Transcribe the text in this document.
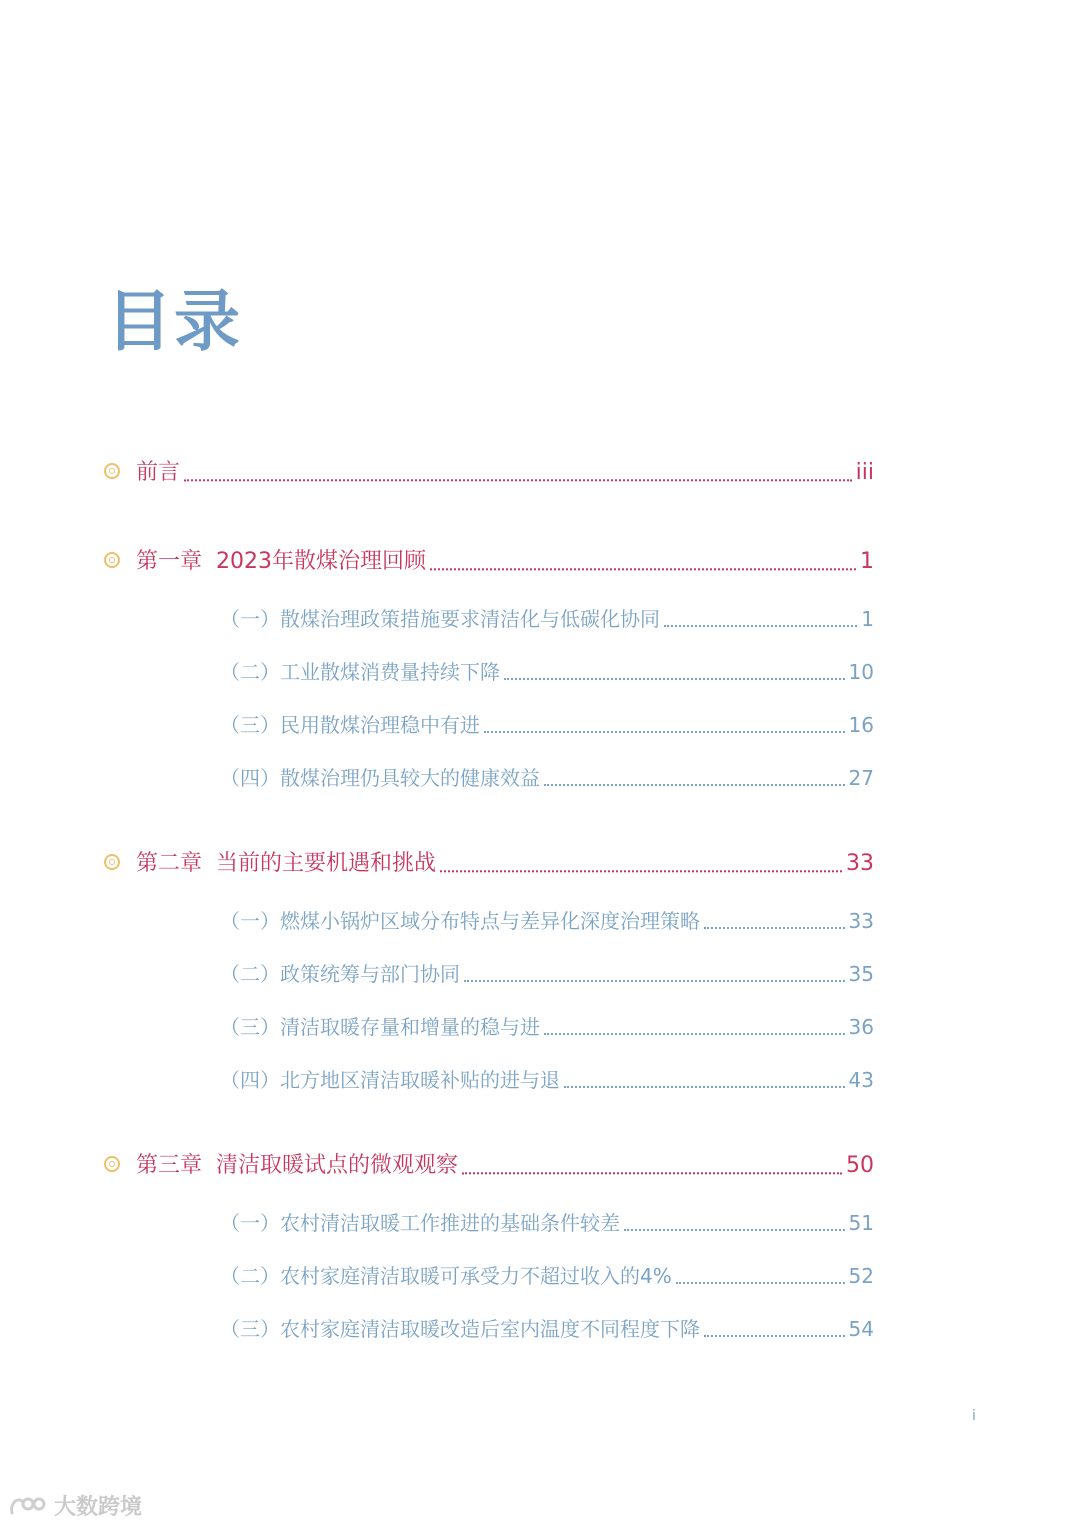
目录
前言	iii
第一章 2023年散煤治理回顾	1
（一）散煤治理政策措施要求清洁化与低碳化协同	1
（二）工业散煤消费量持续下降	10
（三）民用散煤治理稳中有进	16
（四）散煤治理仍具较大的健康效益	27
第二章 当前的主要机遇和挑战	33
（一）燃煤小锅炉区域分布特点与差异化深度治理策略	33
（二）政策统筹与部门协同	35
（三）清洁取暖存量和增量的稳与进	36
（四）北方地区清洁取暖补贴的进与退	43
第三章 清洁取暖试点的微观观察	50
（一）农村清洁取暖工作推进的基础条件较差	51
（二）农村家庭清洁取暖可承受力不超过收入的4%	52
（三）农村家庭清洁取暖改造后室内温度不同程度下降	54
i
大数跨境
